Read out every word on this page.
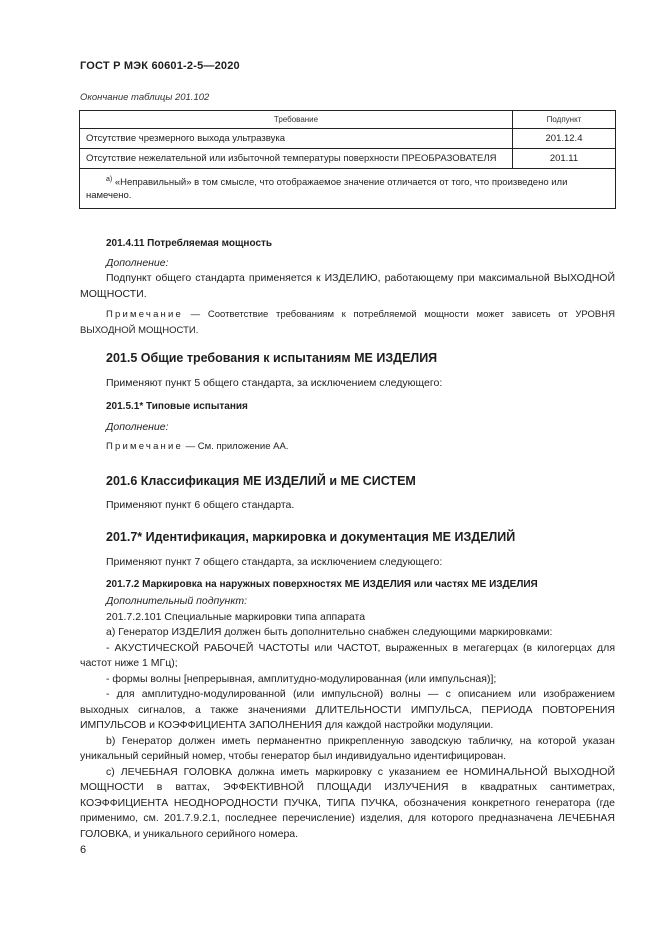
ГОСТ Р МЭК 60601-2-5—2020
Окончание таблицы 201.102
Требование	Подпункт
Отсутствие чрезмерного выхода ультразвука	201.12.4
Отсутствие нежелательной или избыточной температуры поверхности ПРЕОБРАЗОВАТЕЛЯ	201.11
$^{a)}$ «Неправильный» в том смысле, что отображаемое значение отличается от того, что произведено или намечено.	

201.4.11 Потребляемая мощность

Дополнение:

Подпункт общего стандарта применяется к ИЗДЕЛИЮ, работающему при максимальной ВЫХОДНОЙ МОЩНОСТИ.

Примечание — Соответствие требованиям к потребляемой мощности может зависеть от УРОВНЯ ВЫХОДНОЙ МОЩНОСТИ.

201.5 Общие требования к испытаниям МЕ ИЗДЕЛИЯ

Применяют пункт 5 общего стандарта, за исключением следующего:

201.5.1* Типовые испытания

Дополнение:

Примечание — См. приложение АА.

201.6 Классификация МЕ ИЗДЕЛИЙ и МЕ СИСТЕМ

Применяют пункт 6 общего стандарта.

201.7* Идентификация, маркировка и документация МЕ ИЗДЕЛИЙ

Применяют пункт 7 общего стандарта, за исключением следующего:

201.7.2 Маркировка на наружных поверхностях МЕ ИЗДЕЛИЯ или частях МЕ ИЗДЕЛИЯ

Дополнительный подпункт:

201.7.2.101 Специальные маркировки типа аппарата

a) Генератор ИЗДЕЛИЯ должен быть дополнительно снабжен следующими маркировками:

- АКУСТИЧЕСКОЙ РАБОЧЕЙ ЧАСТОТЫ или ЧАСТОТ, выраженных в мегагерцах (в килогерцах для частот ниже 1 МГц);

- формы волны [непрерывная, амплитудно-модулированная (или импульсная)];

- для амплитудно-модулированной (или импульсной) волны — с описанием или изображением выходных сигналов, а также значениями ДЛИТЕЛЬНОСТИ ИМПУЛЬСА, ПЕРИОДА ПОВТОРЕНИЯ ИМПУЛЬСОВ и КОЭФФИЦИЕНТА ЗАПОЛНЕНИЯ для каждой настройки модуляции.

b) Генератор должен иметь перманентно прикрепленную заводскую табличку, на которой указан уникальный серийный номер, чтобы генератор был индивидуально идентифицирован.

c) ЛЕЧЕБНАЯ ГОЛОВКА должна иметь маркировку с указанием ее НОМИНАЛЬНОЙ ВЫХОДНОЙ МОЩНОСТИ в ваттах, ЭФФЕКТИВНОЙ ПЛОЩАДИ ИЗЛУЧЕНИЯ в квадратных сантиметрах, КОЭФФИЦИЕНТА НЕОДНОРОДНОСТИ ПУЧКА, ТИПА ПУЧКА, обозначения конкретного генератора (где применимо, см. 201.7.9.2.1, последнее перечисление) изделия, для которого предназначена ЛЕЧЕБНАЯ ГОЛОВКА, и уникального серийного номера.

6
